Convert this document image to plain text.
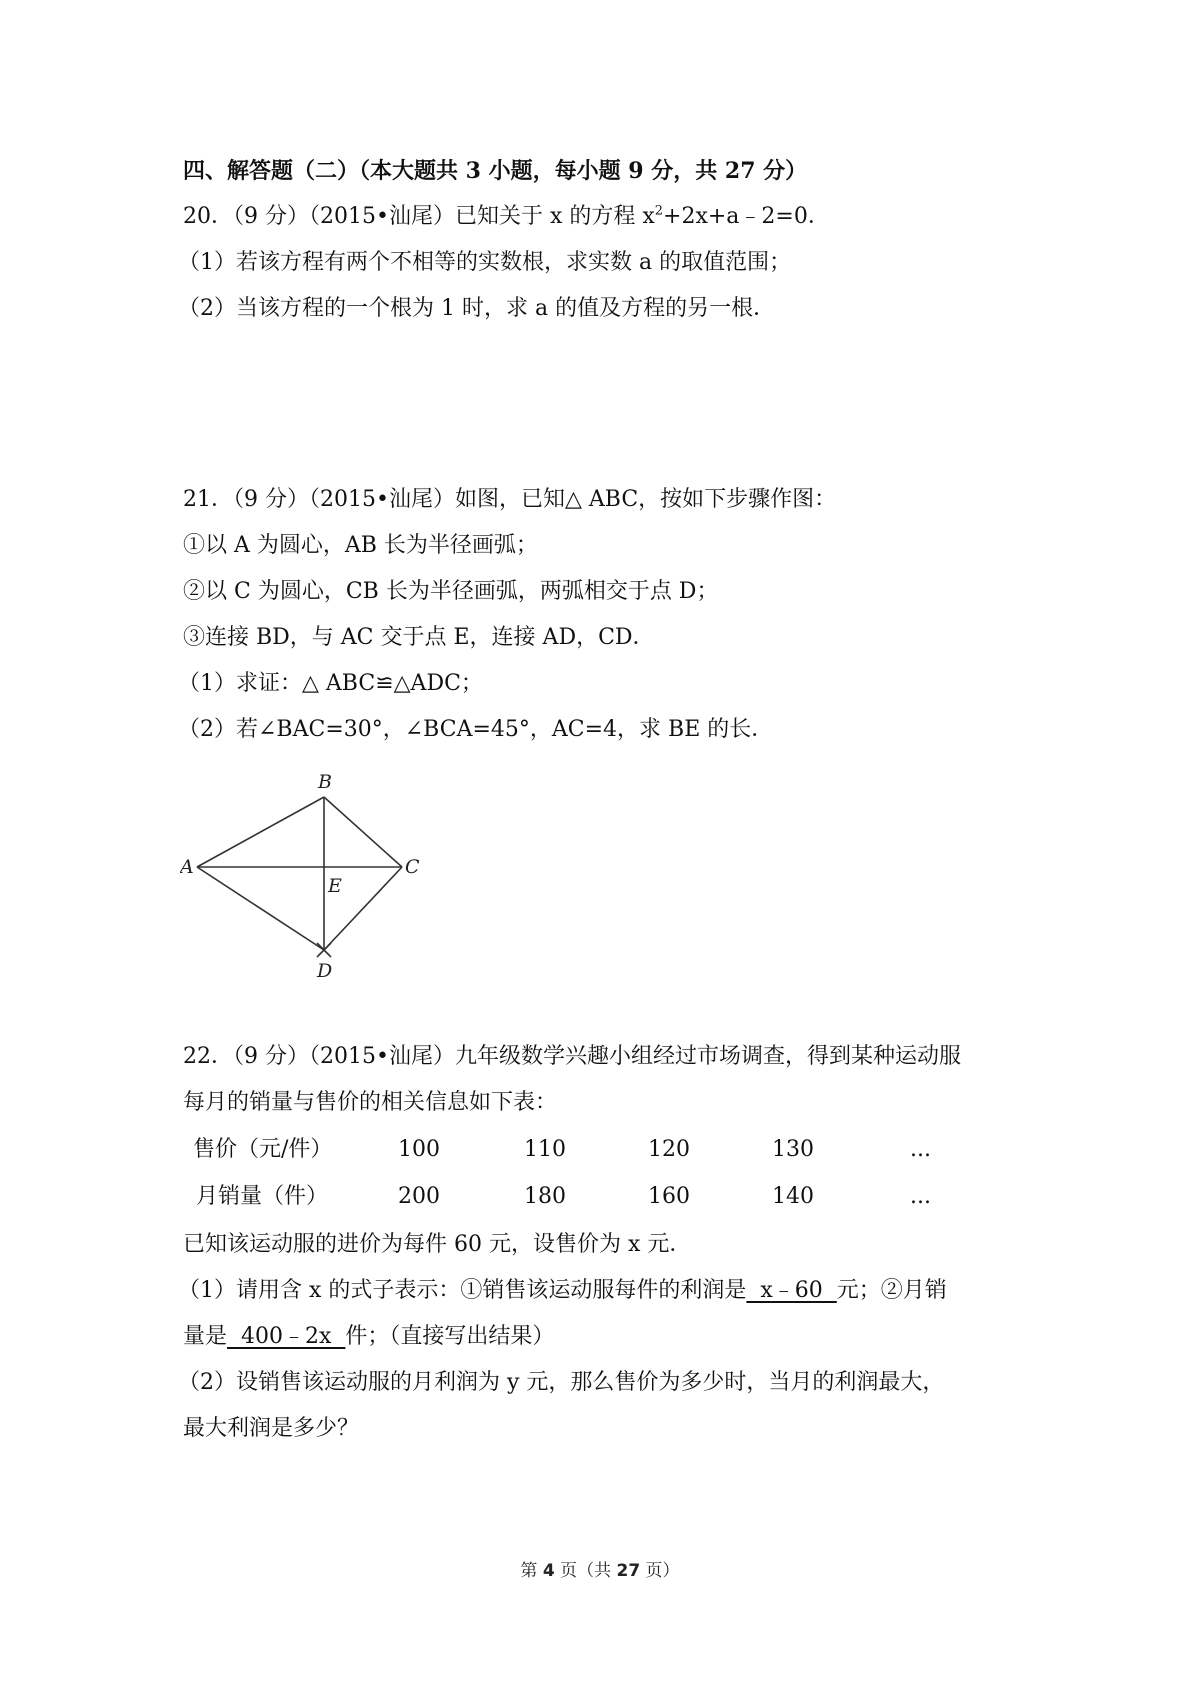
四、解答题（二）（本大题共 3 小题，每小题 9 分，共 27 分）
20．（9 分）（2015•汕尾）已知关于 x 的方程 $x^2+2x+a﹣2=0$．
（1）若该方程有两个不相等的实数根，求实数 a 的取值范围；
（2）当该方程的一个根为 1 时，求 a 的值及方程的另一根．
21．（9 分）（2015•汕尾）如图，已知△ ABC，按如下步骤作图：
①以 A 为圆心，AB 长为半径画弧；
②以 C 为圆心，CB 长为半径画弧，两弧相交于点 D；
③连接 BD，与 AC 交于点 E，连接 AD，CD．
（1）求证：△ ABC≌△ADC；
（2）若∠BAC=30°，∠BCA=45°，AC=4，求 BE 的长．
B
A	C
E
D
22．（9 分）（2015•汕尾）九年级数学兴趣小组经过市场调查，得到某种运动服
每月的销量与售价的相关信息如下表：
售价（元/件）	100	110	120	130	...
月销量（件）	200	180	160	140	...
已知该运动服的进价为每件 60 元，设售价为 x 元．
（1）请用含 x 的式子表示：①销售该运动服每件的利润是  x﹣60  元；②月销
量是  400﹣2x  件；（直接写出结果）
（2）设销售该运动服的月利润为 y 元，那么售价为多少时，当月的利润最大，
最大利润是多少？
第 4 页（共 27 页）
